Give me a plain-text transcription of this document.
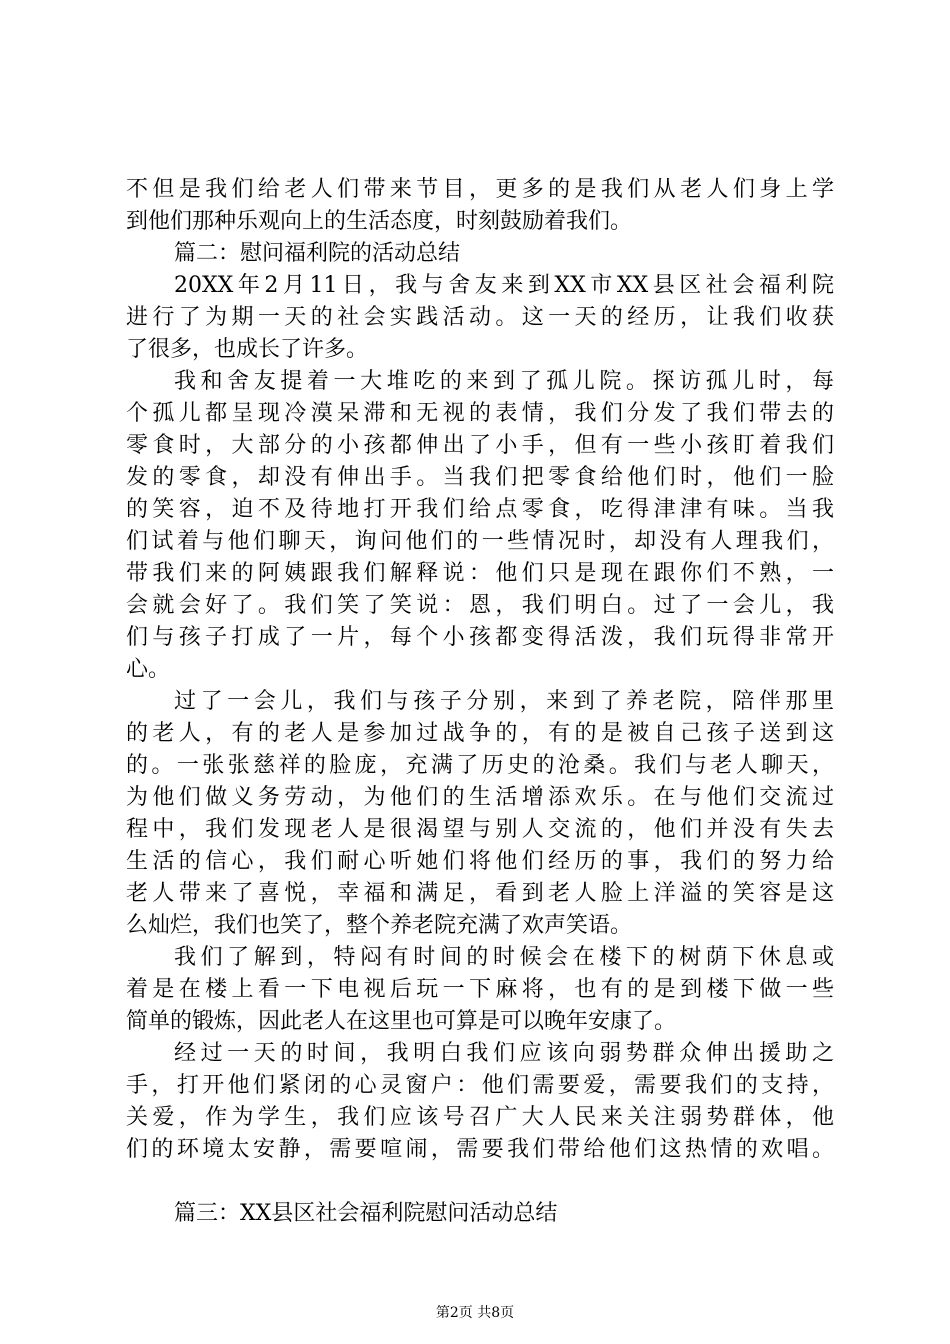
不但是我们给老人们带来节目，更多的是我们从老人们身上学
到他们那种乐观向上的生活态度，时刻鼓励着我们。
篇二：慰问福利院的活动总结
20XX年2月11日，我与舍友来到XX市XX县区社会福利院
进行了为期一天的社会实践活动。这一天的经历，让我们收获
了很多，也成长了许多。
我和舍友提着一大堆吃的来到了孤儿院。探访孤儿时，每
个孤儿都呈现冷漠呆滞和无视的表情，我们分发了我们带去的
零食时，大部分的小孩都伸出了小手，但有一些小孩盯着我们
发的零食，却没有伸出手。当我们把零食给他们时，他们一脸
的笑容，迫不及待地打开我们给点零食，吃得津津有味。当我
们试着与他们聊天，询问他们的一些情况时，却没有人理我们，
带我们来的阿姨跟我们解释说：他们只是现在跟你们不熟，一
会就会好了。我们笑了笑说：恩，我们明白。过了一会儿，我
们与孩子打成了一片，每个小孩都变得活泼，我们玩得非常开
心。
过了一会儿，我们与孩子分别，来到了养老院，陪伴那里
的老人，有的老人是参加过战争的，有的是被自己孩子送到这
的。一张张慈祥的脸庞，充满了历史的沧桑。我们与老人聊天，
为他们做义务劳动，为他们的生活增添欢乐。在与他们交流过
程中，我们发现老人是很渴望与别人交流的，他们并没有失去
生活的信心，我们耐心听她们将他们经历的事，我们的努力给
老人带来了喜悦，幸福和满足，看到老人脸上洋溢的笑容是这
么灿烂，我们也笑了，整个养老院充满了欢声笑语。
我们了解到，特闷有时间的时候会在楼下的树荫下休息或
着是在楼上看一下电视后玩一下麻将，也有的是到楼下做一些
简单的锻炼，因此老人在这里也可算是可以晚年安康了。
经过一天的时间，我明白我们应该向弱势群众伸出援助之
手，打开他们紧闭的心灵窗户：他们需要爱，需要我们的支持，
关爱，作为学生，我们应该号召广大人民来关注弱势群体，他
们的环境太安静，需要喧闹，需要我们带给他们这热情的欢唱。
篇三：XX县区社会福利院慰问活动总结
第2页 共8页
